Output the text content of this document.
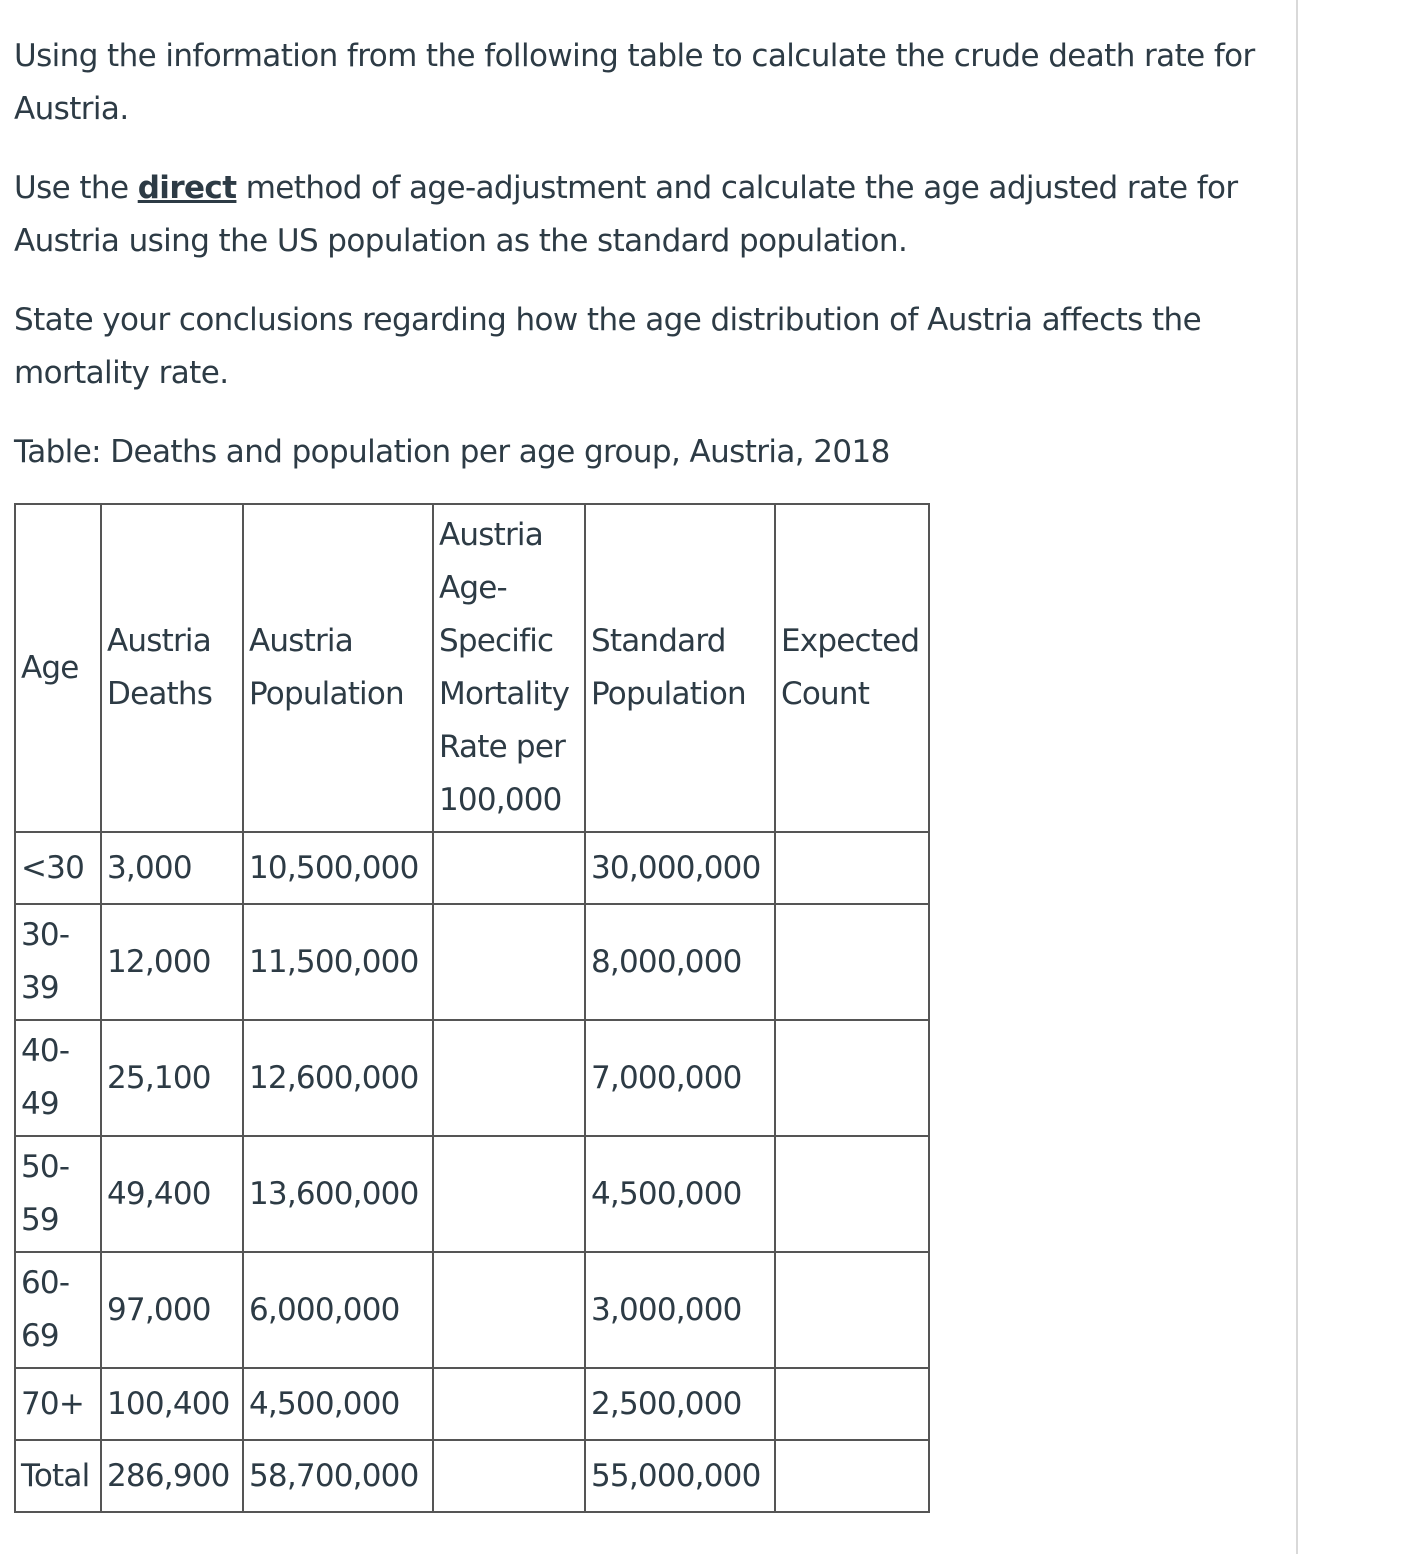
Using the information from the following table to calculate the crude death rate for Austria.

Use the direct method of age-adjustment and calculate the age adjusted rate for Austria using the US population as the standard population.

State your conclusions regarding how the age distribution of Austria affects the mortality rate.

Table: Deaths and population per age group, Austria, 2018

Age	Austria Deaths	Austria Population	Austria Age-Specific Mortality Rate per 100,000	Standard Population	Expected Count
<30	3,000	10,500,000		30,000,000	
30-39	12,000	11,500,000		8,000,000	
40-49	25,100	12,600,000		7,000,000	
50-59	49,400	13,600,000		4,500,000	
60-69	97,000	6,000,000		3,000,000	
70+	100,400	4,500,000		2,500,000	
Total	286,900	58,700,000		55,000,000	
